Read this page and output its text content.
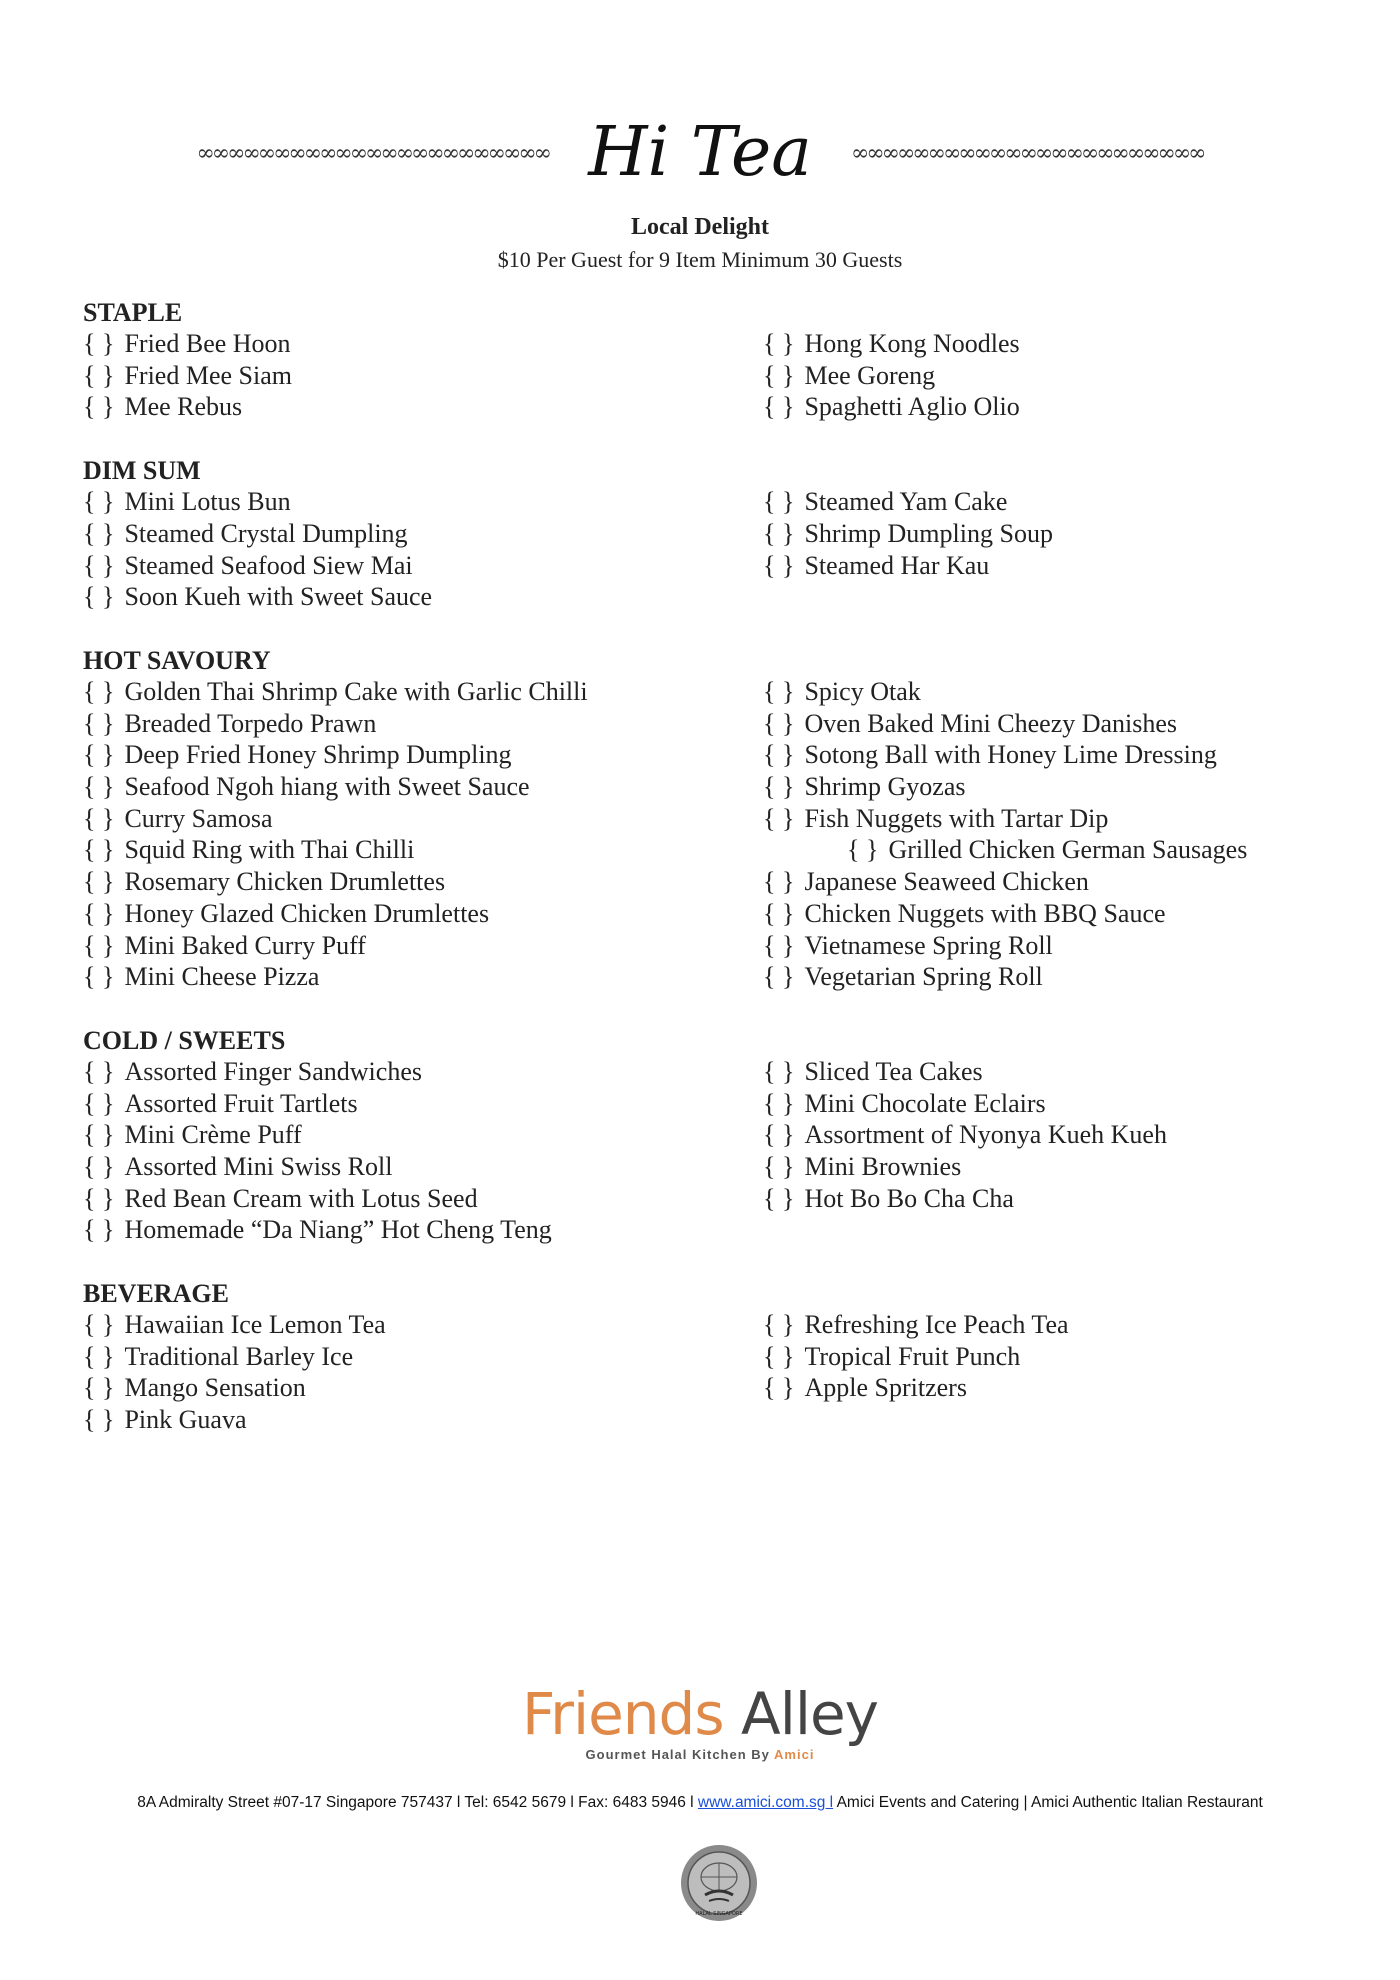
∞∞∞∞∞∞∞∞∞∞∞∞∞∞∞∞∞∞∞∞∞∞∞ Hi Tea	∞∞∞∞∞∞∞∞∞∞∞∞∞∞∞∞∞∞∞∞∞∞∞
Local Delight
$10 Per Guest for 9 Item Minimum 30 Guests
STAPLE
{ } Fried Bee Hoon
{ } Fried Mee Siam
{ } Mee Rebus
{ } Hong Kong Noodles
{ } Mee Goreng
{ } Spaghetti Aglio Olio
DIM SUM
{ } Mini Lotus Bun
{ } Steamed Crystal Dumpling
{ } Steamed Seafood Siew Mai
{ } Soon Kueh with Sweet Sauce
{ } Steamed Yam Cake
{ } Shrimp Dumpling Soup
{ } Steamed Har Kau
HOT SAVOURY
{ } Golden Thai Shrimp Cake with Garlic Chilli
{ } Breaded Torpedo Prawn
{ } Deep Fried Honey Shrimp Dumpling
{ } Seafood Ngoh hiang with Sweet Sauce
{ } Curry Samosa
{ } Squid Ring with Thai Chilli
{ } Rosemary Chicken Drumlettes
{ } Honey Glazed Chicken Drumlettes
{ } Mini Baked Curry Puff
{ } Mini Cheese Pizza
{ } Spicy Otak
{ } Oven Baked Mini Cheezy Danishes
{ } Sotong Ball with Honey Lime Dressing
{ } Shrimp Gyozas
{ } Fish Nuggets with Tartar Dip
{ } Grilled Chicken German Sausages
{ } Japanese Seaweed Chicken
{ } Chicken Nuggets with BBQ Sauce
{ } Vietnamese Spring Roll
{ } Vegetarian Spring Roll
COLD / SWEETS
{ } Assorted Finger Sandwiches
{ } Assorted Fruit Tartlets
{ } Mini Crème Puff
{ } Assorted Mini Swiss Roll
{ } Red Bean Cream with Lotus Seed
{ } Homemade “Da Niang” Hot Cheng Teng
{ } Sliced Tea Cakes
{ } Mini Chocolate Eclairs
{ } Assortment of Nyonya Kueh Kueh
{ } Mini Brownies
{ } Hot Bo Bo Cha Cha
BEVERAGE
{ } Hawaiian Ice Lemon Tea
{ } Traditional Barley Ice
{ } Mango Sensation
{ } Pink Guava
{ } Refreshing Ice Peach Tea
{ } Tropical Fruit Punch
{ } Apple Spritzers
Friends Alley
Gourmet Halal Kitchen By Amici
8A Admiralty Street #07-17 Singapore 757437 l Tel: 6542 5679 l Fax: 6483 5946 l www.amici.com.sg l Amici Events and Catering | Amici Authentic Italian Restaurant
HALAL SINGAPORE
